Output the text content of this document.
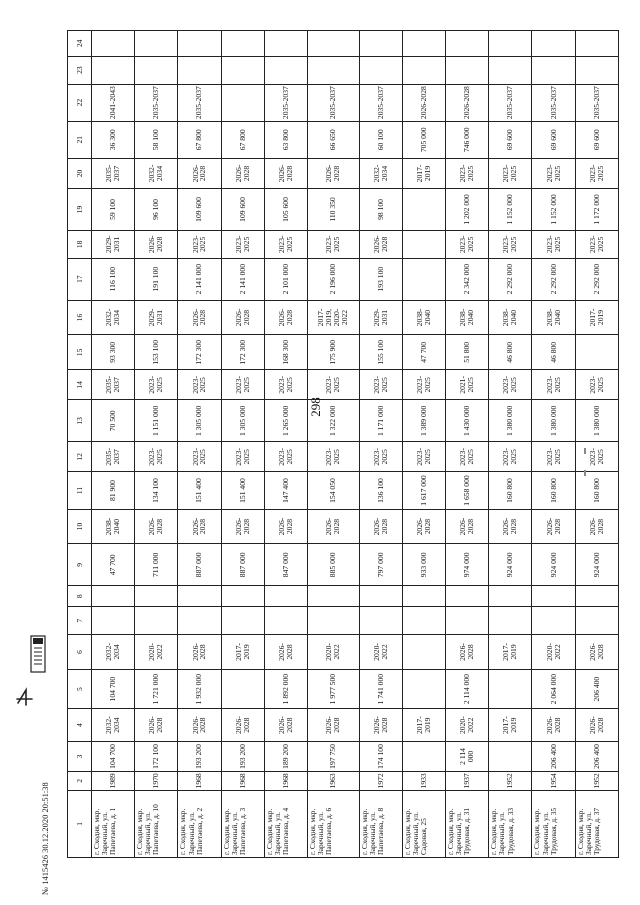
298
1	2	3	4	5	6	7	8	9	10	11	12	13	14	15	16	17	18	19	20	21	22	23	24
г. Сходня, мкр. Заречный, ул. Папетаева, д. 1	1989	104 700	2032-2034	104 700	2032-2034			47 700	2038-2040	81 900	2035-2037	70 500	2035-2037	93 300	2032-2034	116 100	2029-2031	59 100	2035-2037	36 300	2041-2043		
г. Сходня, мкр. Заречный, ул. Папетаева, д. 10	1970	172 100	2026-2028	1 721 000	2020-2022			711 000	2026-2028	134 100	2023-2025	1 151 000	2023-2025	153 100	2029-2031	191 100	2026-2028	96 100	2032-2034	58 100	2035-2037		
г. Сходня, мкр. Заречный, ул. Папетаева, д. 2	1968	193 200	2026-2028	1 932 000	2026-2028			887 000	2026-2028	151 400	2023-2025	1 305 000	2023-2025	172 300	2026-2028	2 141 000	2023-2025	109 600	2026-2028	67 800	2035-2037		
г. Сходня, мкр. Заречный, ул. Папетаева, д. 3	1968	193 200	2026-2028		2017-2019			887 000	2026-2028	151 400	2023-2025	1 305 000	2023-2025	172 300	2026-2028	2 141 000	2023-2025	109 600	2026-2028	67 800			
г. Сходня, мкр. Заречный, ул. Папетаева, д. 4	1968	189 200	2026-2028	1 892 000	2026-2028			847 000	2026-2028	147 400	2023-2025	1 265 000	2023-2025	168 300	2026-2028	2 101 000	2023-2025	105 600	2026-2028	63 800	2035-2037		
г. Сходня, мкр. Заречный, ул. Папетаева, д. 6	1963	197 750	2026-2028	1 977 500	2020-2022			885 000	2026-2028	154 050	2023-2025	1 322 000	2023-2025	175 900	2017-2019, 2020-2022	2 196 000	2023-2025	110 350	2026-2028	66 650	2035-2037		
г. Сходня, мкр. Заречный, ул. Папетаева, д. 8	1972	174 100	2026-2028	1 741 000	2020-2022			797 000	2026-2028	136 100	2023-2025	1 171 000	2023-2025	155 100	2029-2031	193 100	2026-2028	98 100	2032-2034	60 100	2035-2037		
г. Сходня, мкр. Заречный, ул. Садовая, 25	1933		2017-2019					933 000	2026-2028	1 617 000	2023-2025	1 389 000	2023-2025	47 700	2038-2040				2017-2019	705 000	2026-2028		
г. Сходня, мкр. Заречный, ул. Трудовая, д. 31	1937	2 114 000	2020-2022	2 114 000	2026-2028			974 000	2026-2028	1 658 000	2023-2025	1 430 000	2021-2025	51 800	2038-2040	2 342 000	2023-2025	1 202 000	2023-2025	746 000	2026-2028		
г. Сходня, мкр. Заречный, ул. Трудовая, д. 33	1952		2017-2019		2017-2019			924 000	2026-2028	160 800	2023-2025	1 380 000	2023-2025	46 800	2038-2040	2 292 000	2023-2025	1 152 000	2023-2025	69 600	2035-2037		
г. Сходня, мкр. Заречный, ул. Трудовая, д. 35	1954	206 400	2026-2028	2 064 000	2020-2022			924 000	2026-2028	160 800	2023-2025	1 380 000	2023-2025	46 800	2038-2040	2 292 000	2023-2025	1 152 000	2023-2025	69 600	2035-2037		
г. Сходня, мкр. Заречный, ул. Трудовая, д. 37	1952	206 400	2026-2028	206 400	2026-2028			924 000	2026-2028	160 800	2023-2025	1 380 000	2023-2025		2017-2019	2 292 000	2023-2025	1 172 000	2023-2025	69 600	2035-2037		
№ 1415426 30.12.2020 20:51:38
